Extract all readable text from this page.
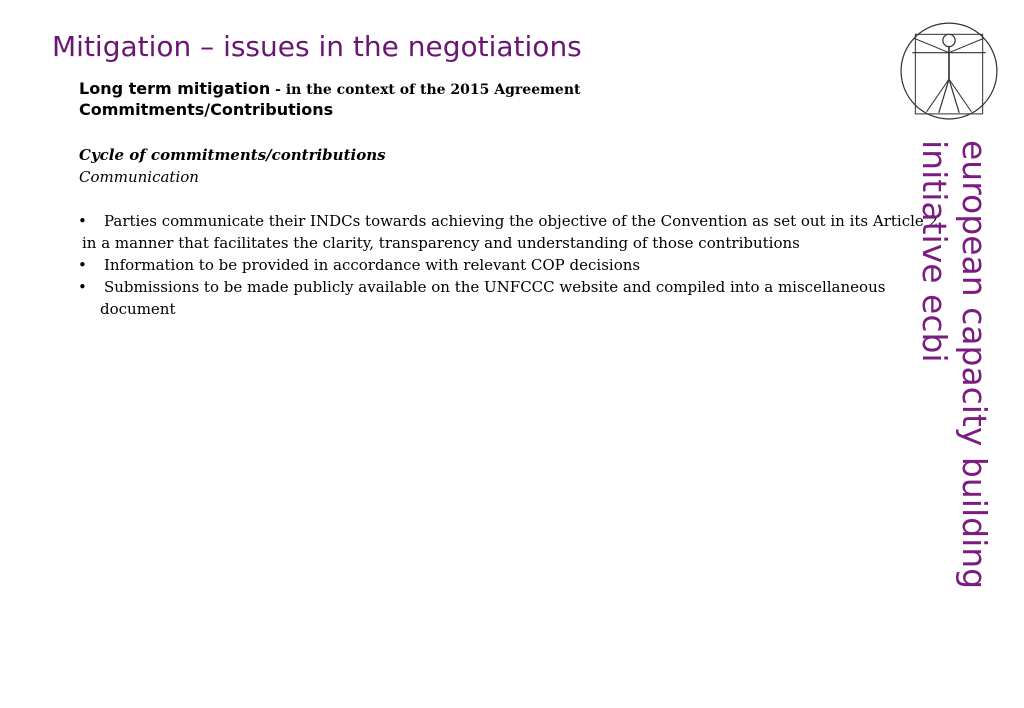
Mitigation – issues in the negotiations
Long term mitigation - in the context of the 2015 Agreement
Commitments/Contributions
Cycle of commitments/contributions
Communication
• Parties communicate their INDCs towards achieving the objective of the Convention as set out in its Article 2
in a manner that facilitates the clarity, transparency and understanding of those contributions
• Information to be provided in accordance with relevant COP decisions
• Submissions to be made publicly available on the UNFCCC website and compiled into a miscellaneous
document	european capacity building
initiative ecbi
